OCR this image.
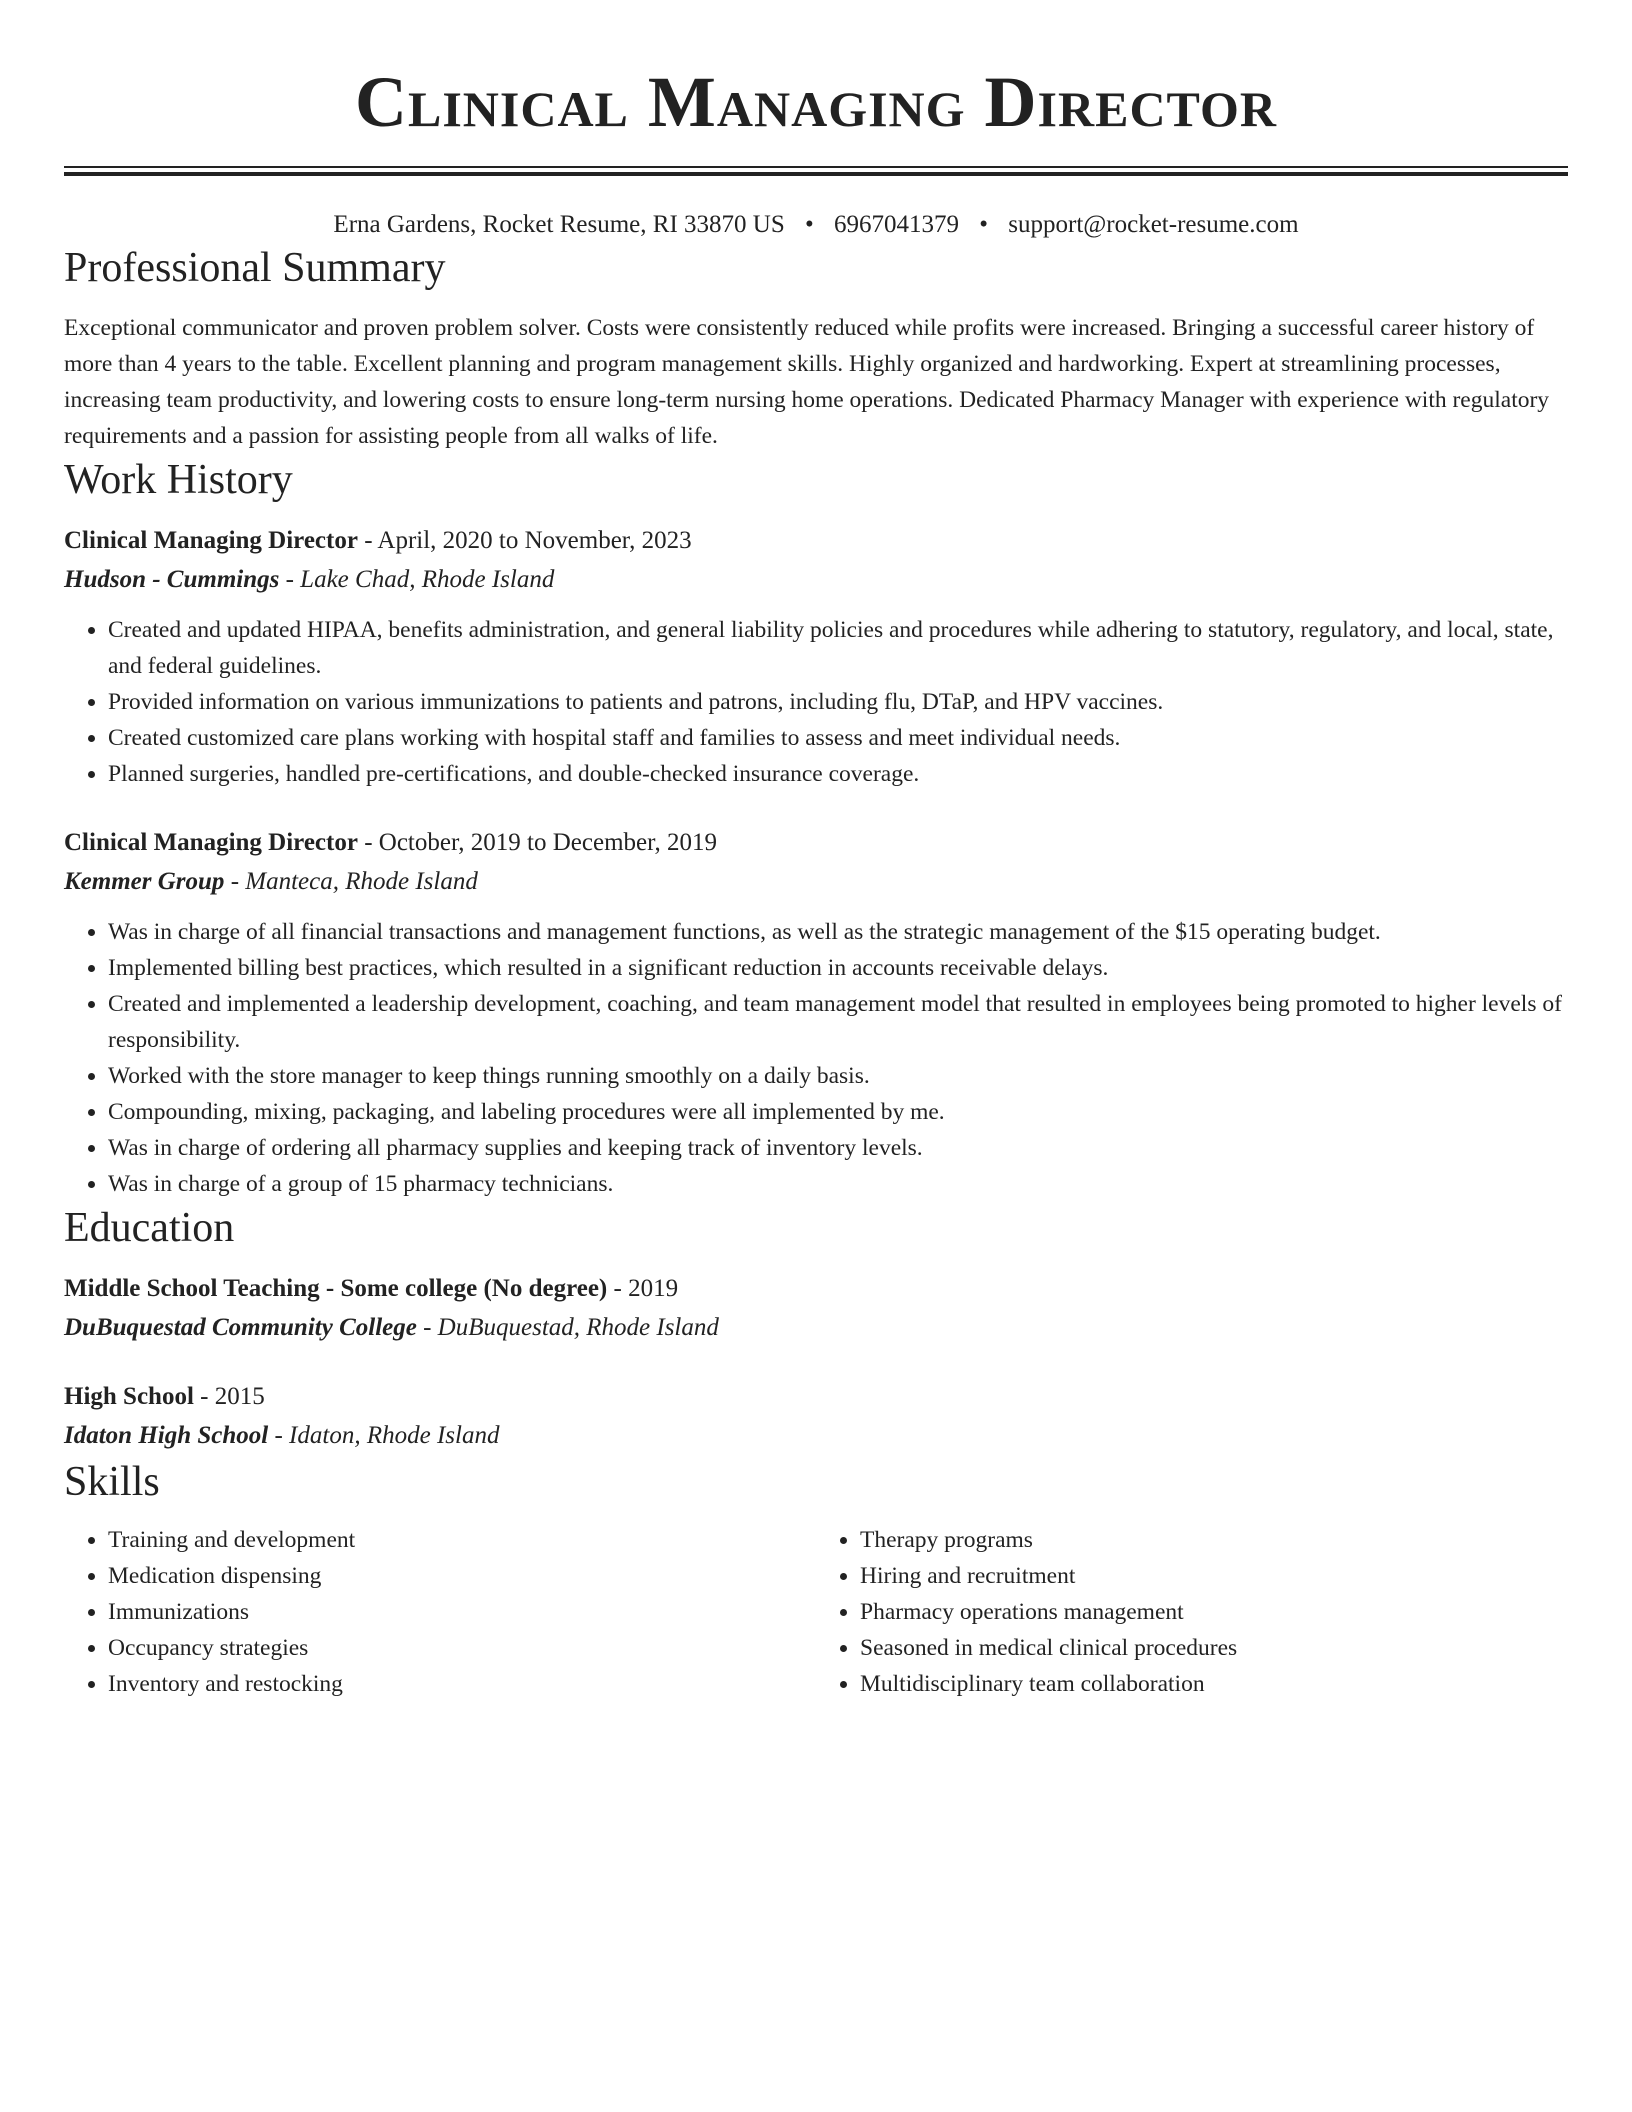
Clinical Managing Director
Erna Gardens, Rocket Resume, RI 33870 US • 6967041379 • support@rocket-resume.com
Professional Summary
Exceptional communicator and proven problem solver. Costs were consistently reduced while profits were increased. Bringing a successful career history of more than 4 years to the table. Excellent planning and program management skills. Highly organized and hardworking. Expert at streamlining processes, increasing team productivity, and lowering costs to ensure long-term nursing home operations. Dedicated Pharmacy Manager with experience with regulatory requirements and a passion for assisting people from all walks of life.
Work History
Clinical Managing Director - April, 2020 to November, 2023
Hudson - Cummings - Lake Chad, Rhode Island
• Created and updated HIPAA, benefits administration, and general liability policies and procedures while adhering to statutory, regulatory, and local, state, and federal guidelines.
• Provided information on various immunizations to patients and patrons, including flu, DTaP, and HPV vaccines.
• Created customized care plans working with hospital staff and families to assess and meet individual needs.
• Planned surgeries, handled pre-certifications, and double-checked insurance coverage.
Clinical Managing Director - October, 2019 to December, 2019
Kemmer Group - Manteca, Rhode Island
• Was in charge of all financial transactions and management functions, as well as the strategic management of the $15 operating budget.
• Implemented billing best practices, which resulted in a significant reduction in accounts receivable delays.
• Created and implemented a leadership development, coaching, and team management model that resulted in employees being promoted to higher levels of responsibility.
• Worked with the store manager to keep things running smoothly on a daily basis.
• Compounding, mixing, packaging, and labeling procedures were all implemented by me.
• Was in charge of ordering all pharmacy supplies and keeping track of inventory levels.
• Was in charge of a group of 15 pharmacy technicians.
Education
Middle School Teaching - Some college (No degree) - 2019
DuBuquestad Community College - DuBuquestad, Rhode Island
High School - 2015
Idaton High School - Idaton, Rhode Island
Skills
• Training and development
• Medication dispensing
• Immunizations
• Occupancy strategies
• Inventory and restocking
• Therapy programs
• Hiring and recruitment
• Pharmacy operations management
• Seasoned in medical clinical procedures
• Multidisciplinary team collaboration
